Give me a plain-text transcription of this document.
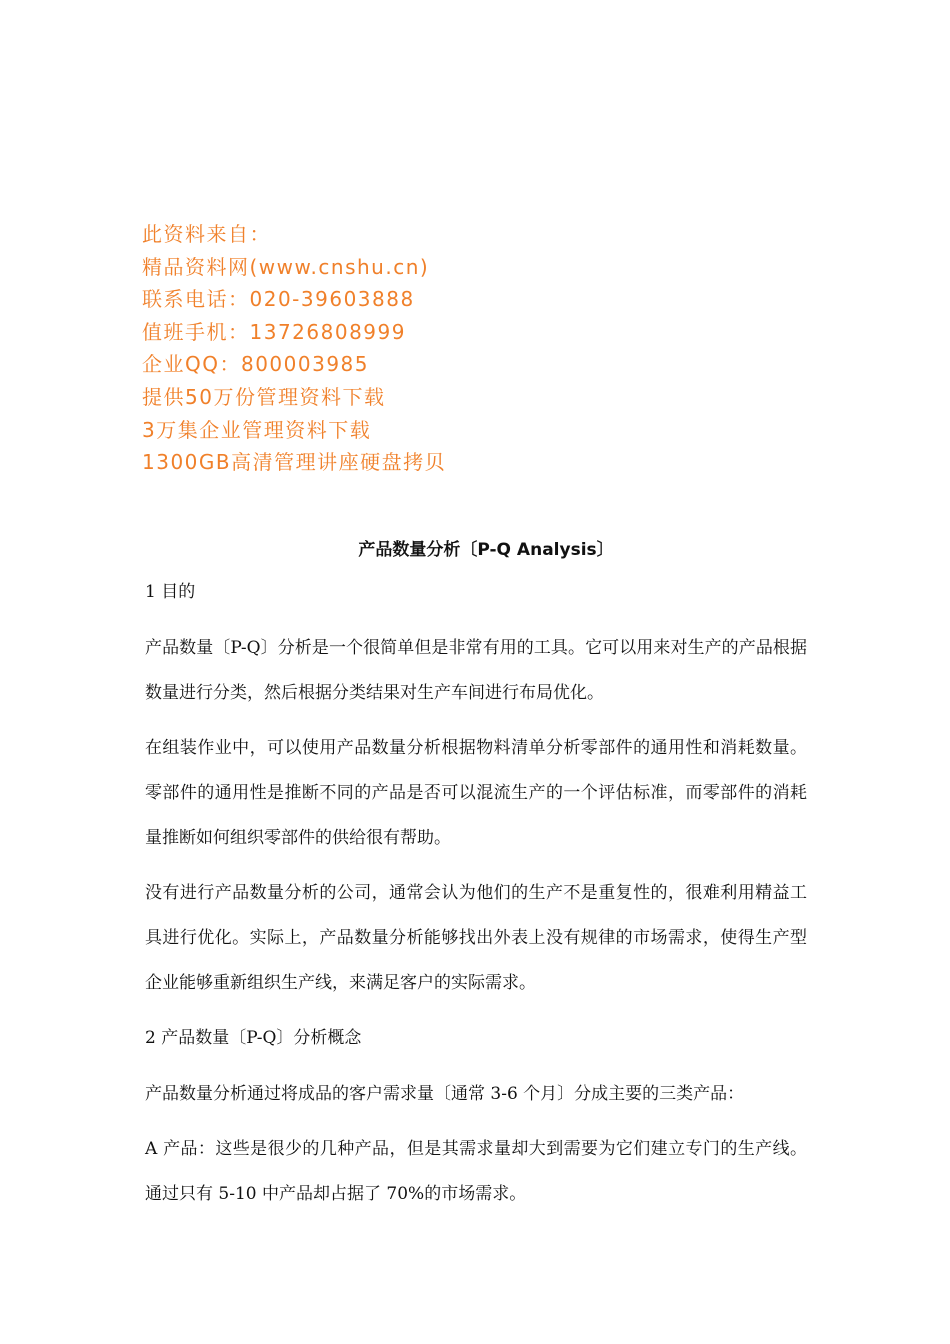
此资料来自：
精品资料网(www.cnshu.cn)
联系电话：020-39603888
值班手机：13726808999
企业QQ：800003985
提供50万份管理资料下载
3万集企业管理资料下载
1300GB高清管理讲座硬盘拷贝

产品数量分析〔P-Q Analysis〕

1 目的

产品数量〔P-Q〕分析是一个很简单但是非常有用的工具。它可以用来对生产的产品根据数量进行分类，然后根据分类结果对生产车间进行布局优化。

在组装作业中，可以使用产品数量分析根据物料清单分析零部件的通用性和消耗数量。零部件的通用性是推断不同的产品是否可以混流生产的一个评估标准，而零部件的消耗量推断如何组织零部件的供给很有帮助。

没有进行产品数量分析的公司，通常会认为他们的生产不是重复性的，很难利用精益工具进行优化。实际上，产品数量分析能够找出外表上没有规律的市场需求，使得生产型企业能够重新组织生产线，来满足客户的实际需求。

2 产品数量〔P-Q〕分析概念

产品数量分析通过将成品的客户需求量〔通常 3-6 个月〕分成主要的三类产品：

A 产品：这些是很少的几种产品，但是其需求量却大到需要为它们建立专门的生产线。通过只有 5-10 中产品却占据了 70%的市场需求。
